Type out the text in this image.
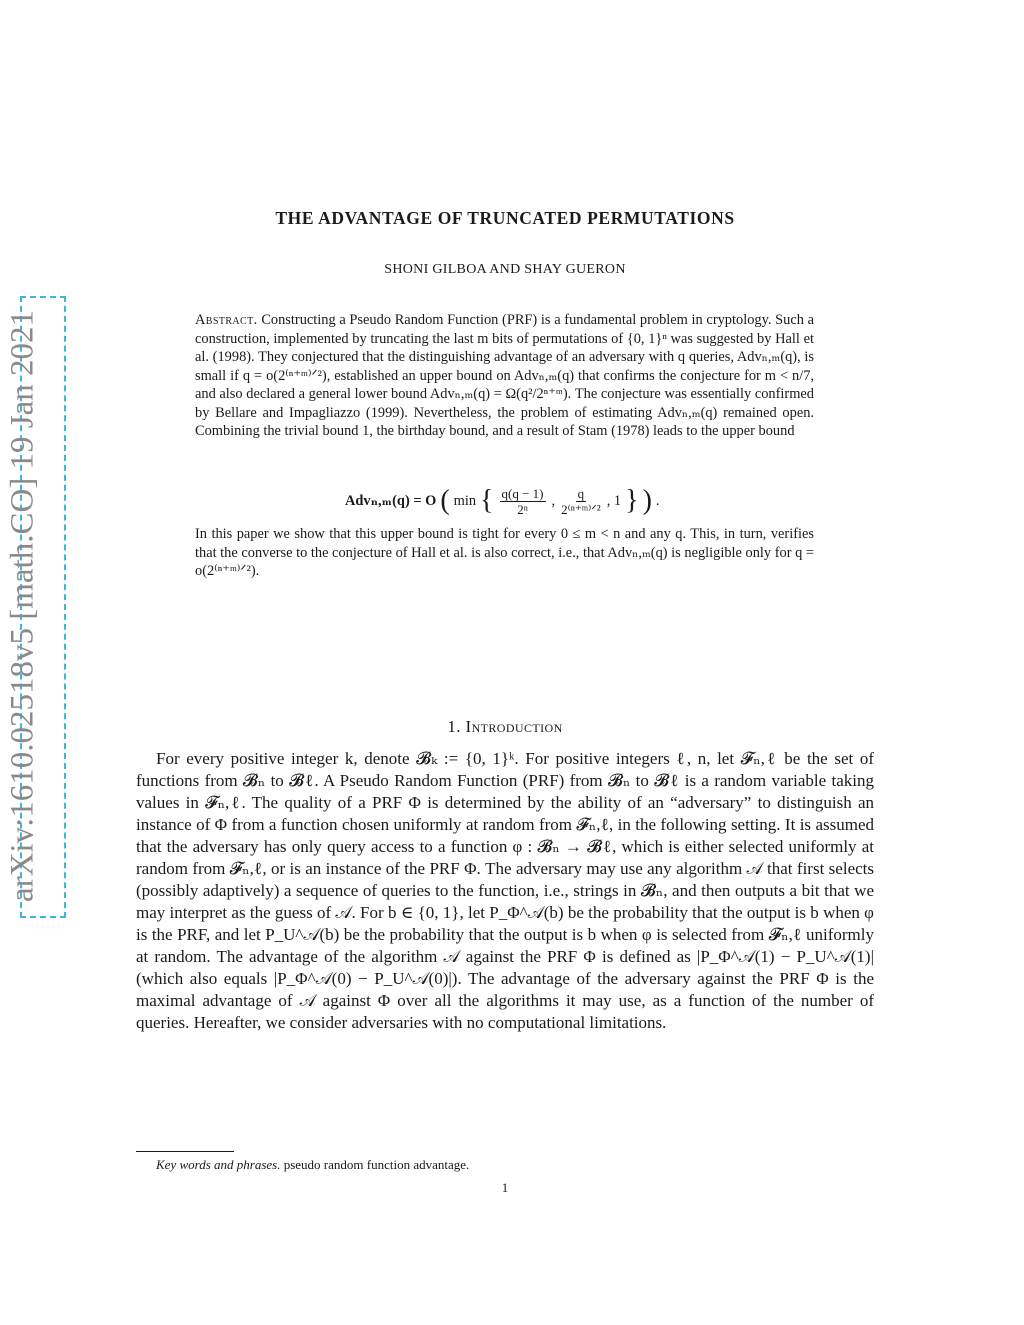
arXiv:1610.02518v5 [math.CO] 19 Jan 2021
THE ADVANTAGE OF TRUNCATED PERMUTATIONS
SHONI GILBOA AND SHAY GUERON
Abstract. Constructing a Pseudo Random Function (PRF) is a fundamental problem in cryptology. Such a construction, implemented by truncating the last m bits of permutations of {0, 1}ⁿ was suggested by Hall et al. (1998). They conjectured that the distinguishing advantage of an adversary with q queries, Advₙ,ₘ(q), is small if q = o(2⁽ⁿ⁺ᵐ⁾ᐟ²), established an upper bound on Advₙ,ₘ(q) that confirms the conjecture for m < n/7, and also declared a general lower bound Advₙ,ₘ(q) = Ω(q²/2ⁿ⁺ᵐ). The conjecture was essentially confirmed by Bellare and Impagliazzo (1999). Nevertheless, the problem of estimating Advₙ,ₘ(q) remained open. Combining the trivial bound 1, the birthday bound, and a result of Stam (1978) leads to the upper bound
Advₙ,ₘ(q) = O ( min { $\frac{q(q - 1)}{\text{2ⁿ}}$ , $\frac{q}{\text{2⁽ⁿ⁺ᵐ⁾ᐟ²}}$ , 1 } ) .
In this paper we show that this upper bound is tight for every 0 ≤ m < n and any q. This, in turn, verifies that the converse to the conjecture of Hall et al. is also correct, i.e., that Advₙ,ₘ(q) is negligible only for q = o(2⁽ⁿ⁺ᵐ⁾ᐟ²).
1. Introduction

For every positive integer k, denote 𝓑ₖ := {0, 1}ᵏ. For positive integers ℓ, n, let 𝓕ₙ,ℓ be the set of functions from 𝓑ₙ to 𝓑ℓ. A Pseudo Random Function (PRF) from 𝓑ₙ to 𝓑ℓ is a random variable taking values in 𝓕ₙ,ℓ. The quality of a PRF Φ is determined by the ability of an “adversary” to distinguish an instance of Φ from a function chosen uniformly at random from 𝓕ₙ,ℓ, in the following setting. It is assumed that the adversary has only query access to a function φ : 𝓑ₙ → 𝓑ℓ, which is either selected uniformly at random from 𝓕ₙ,ℓ, or is an instance of the PRF Φ. The adversary may use any algorithm 𝒜 that first selects (possibly adaptively) a sequence of queries to the function, i.e., strings in 𝓑ₙ, and then outputs a bit that we may interpret as the guess of 𝒜. For b ∈ {0, 1}, let P_Φ^𝒜(b) be the probability that the output is b when φ is the PRF, and let P_U^𝒜(b) be the probability that the output is b when φ is selected from 𝓕ₙ,ℓ uniformly at random. The advantage of the algorithm 𝒜 against the PRF Φ is defined as |P_Φ^𝒜(1) − P_U^𝒜(1)| (which also equals |P_Φ^𝒜(0) − P_U^𝒜(0)|). The advantage of the adversary against the PRF Φ is the maximal advantage of 𝒜 against Φ over all the algorithms it may use, as a function of the number of queries. Hereafter, we consider adversaries with no computational limitations.

Key words and phrases. pseudo random function advantage.
1
